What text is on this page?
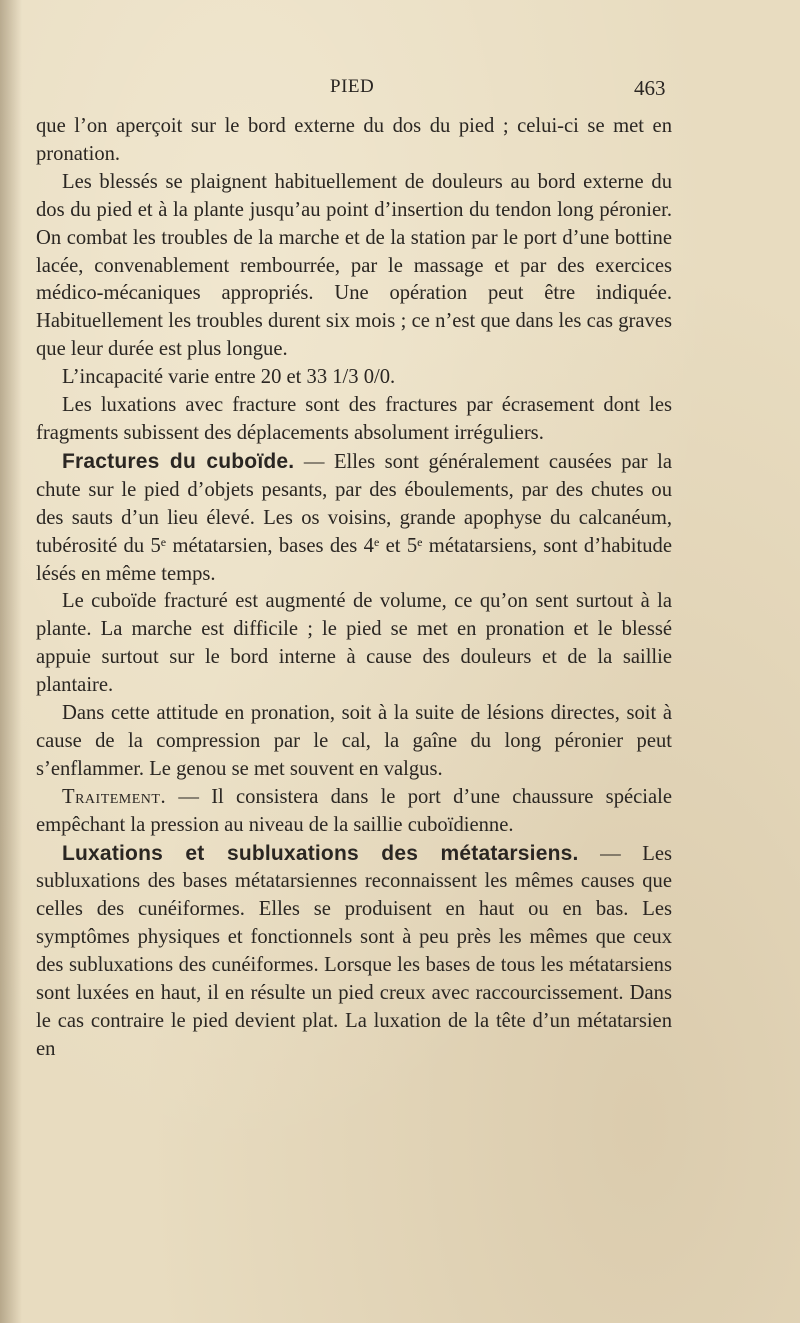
PIED	463

que l’on aperçoit sur le bord externe du dos du pied ; celui-ci se met en pronation.

Les blessés se plaignent habituellement de douleurs au bord externe du dos du pied et à la plante jusqu’au point d’insertion du tendon long péronier. On combat les troubles de la marche et de la station par le port d’une bottine lacée, convenablement rembourrée, par le massage et par des exercices médico-mécaniques appropriés. Une opération peut être indiquée. Habituellement les troubles durent six mois ; ce n’est que dans les cas graves que leur durée est plus longue.

L’incapacité varie entre 20 et 33 1/3 0/0.

Les luxations avec fracture sont des fractures par écrasement dont les fragments subissent des déplacements absolument irréguliers.

Fractures du cuboïde. — Elles sont généralement causées par la chute sur le pied d’objets pesants, par des éboulements, par des chutes ou des sauts d’un lieu élevé. Les os voisins, grande apophyse du calcanéum, tubérosité du 5e métatarsien, bases des 4e et 5e métatarsiens, sont d’habitude lésés en même temps.

Le cuboïde fracturé est augmenté de volume, ce qu’on sent surtout à la plante. La marche est difficile ; le pied se met en pronation et le blessé appuie surtout sur le bord interne à cause des douleurs et de la saillie plantaire.

Dans cette attitude en pronation, soit à la suite de lésions directes, soit à cause de la compression par le cal, la gaîne du long péronier peut s’enflammer. Le genou se met souvent en valgus.

Traitement. — Il consistera dans le port d’une chaussure spéciale empêchant la pression au niveau de la saillie cuboïdienne.

Luxations et subluxations des métatarsiens. — Les subluxations des bases métatarsiennes reconnaissent les mêmes causes que celles des cunéiformes. Elles se produisent en haut ou en bas. Les symptômes physiques et fonctionnels sont à peu près les mêmes que ceux des subluxations des cunéiformes. Lorsque les bases de tous les métatarsiens sont luxées en haut, il en résulte un pied creux avec raccourcissement. Dans le cas contraire le pied devient plat. La luxation de la tête d’un métatarsien en
